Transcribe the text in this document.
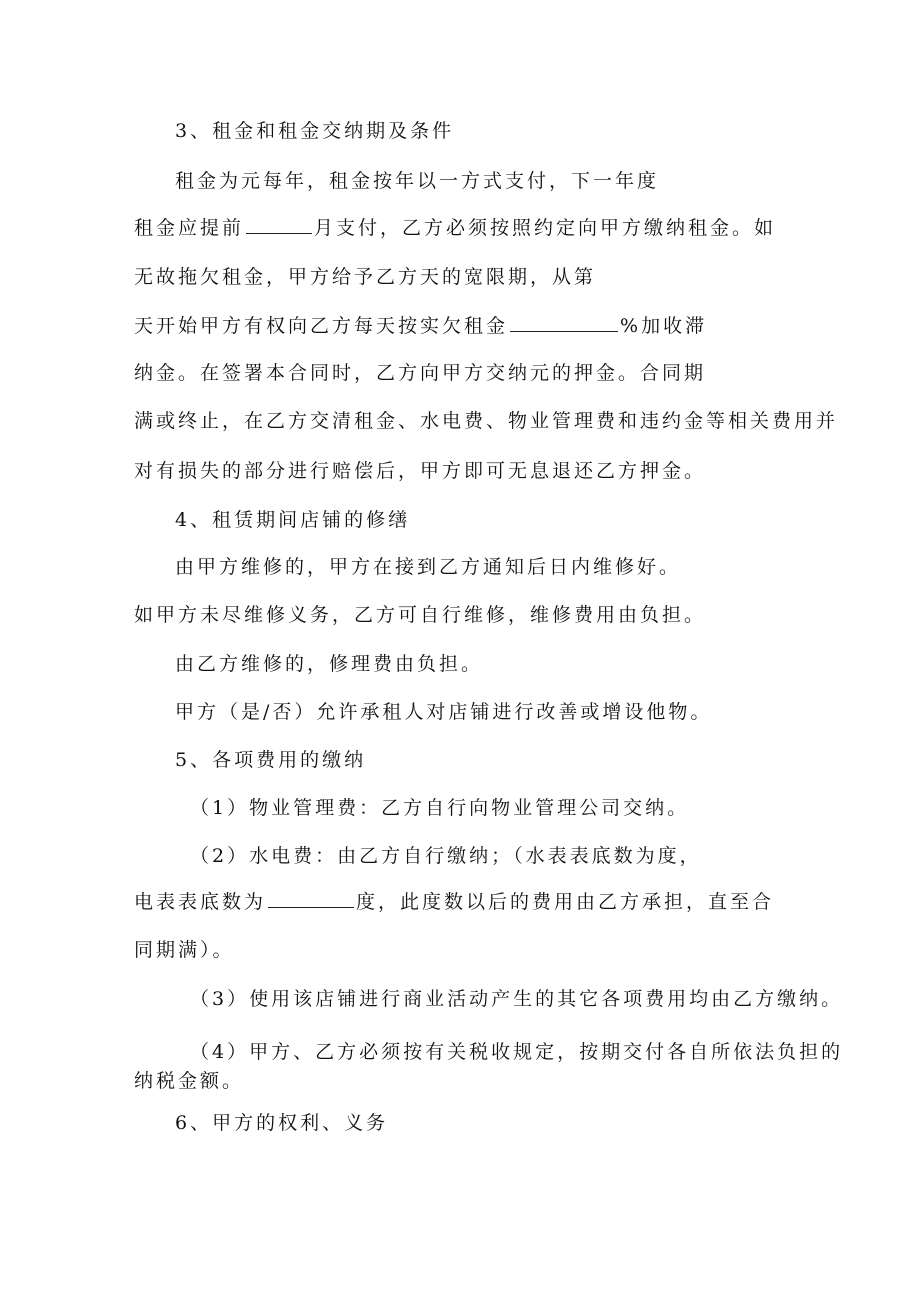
3、租金和租金交纳期及条件
租金为元每年，租金按年以一方式支付，下一年度
租金应提前	月支付，乙方必须按照约定向甲方缴纳租金。如
无故拖欠租金，甲方给予乙方天的宽限期，从第
天开始甲方有权向乙方每天按实欠租金	%加收滞
纳金。在签署本合同时，乙方向甲方交纳元的押金。合同期
满或终止，在乙方交清租金、水电费、物业管理费和违约金等相关费用并
对有损失的部分进行赔偿后，甲方即可无息退还乙方押金。
4、租赁期间店铺的修缮
由甲方维修的，甲方在接到乙方通知后日内维修好。
如甲方未尽维修义务，乙方可自行维修，维修费用由负担。
由乙方维修的，修理费由负担。
甲方（是/否）允许承租人对店铺进行改善或增设他物。
5、各项费用的缴纳
（1）物业管理费：乙方自行向物业管理公司交纳。
（2）水电费：由乙方自行缴纳；（水表表底数为度，
电表表底数为	度，此度数以后的费用由乙方承担，直至合
同期满）。
（3）使用该店铺进行商业活动产生的其它各项费用均由乙方缴纳。
（4）甲方、乙方必须按有关税收规定，按期交付各自所依法负担的
纳税金额。
6、甲方的权利、义务
